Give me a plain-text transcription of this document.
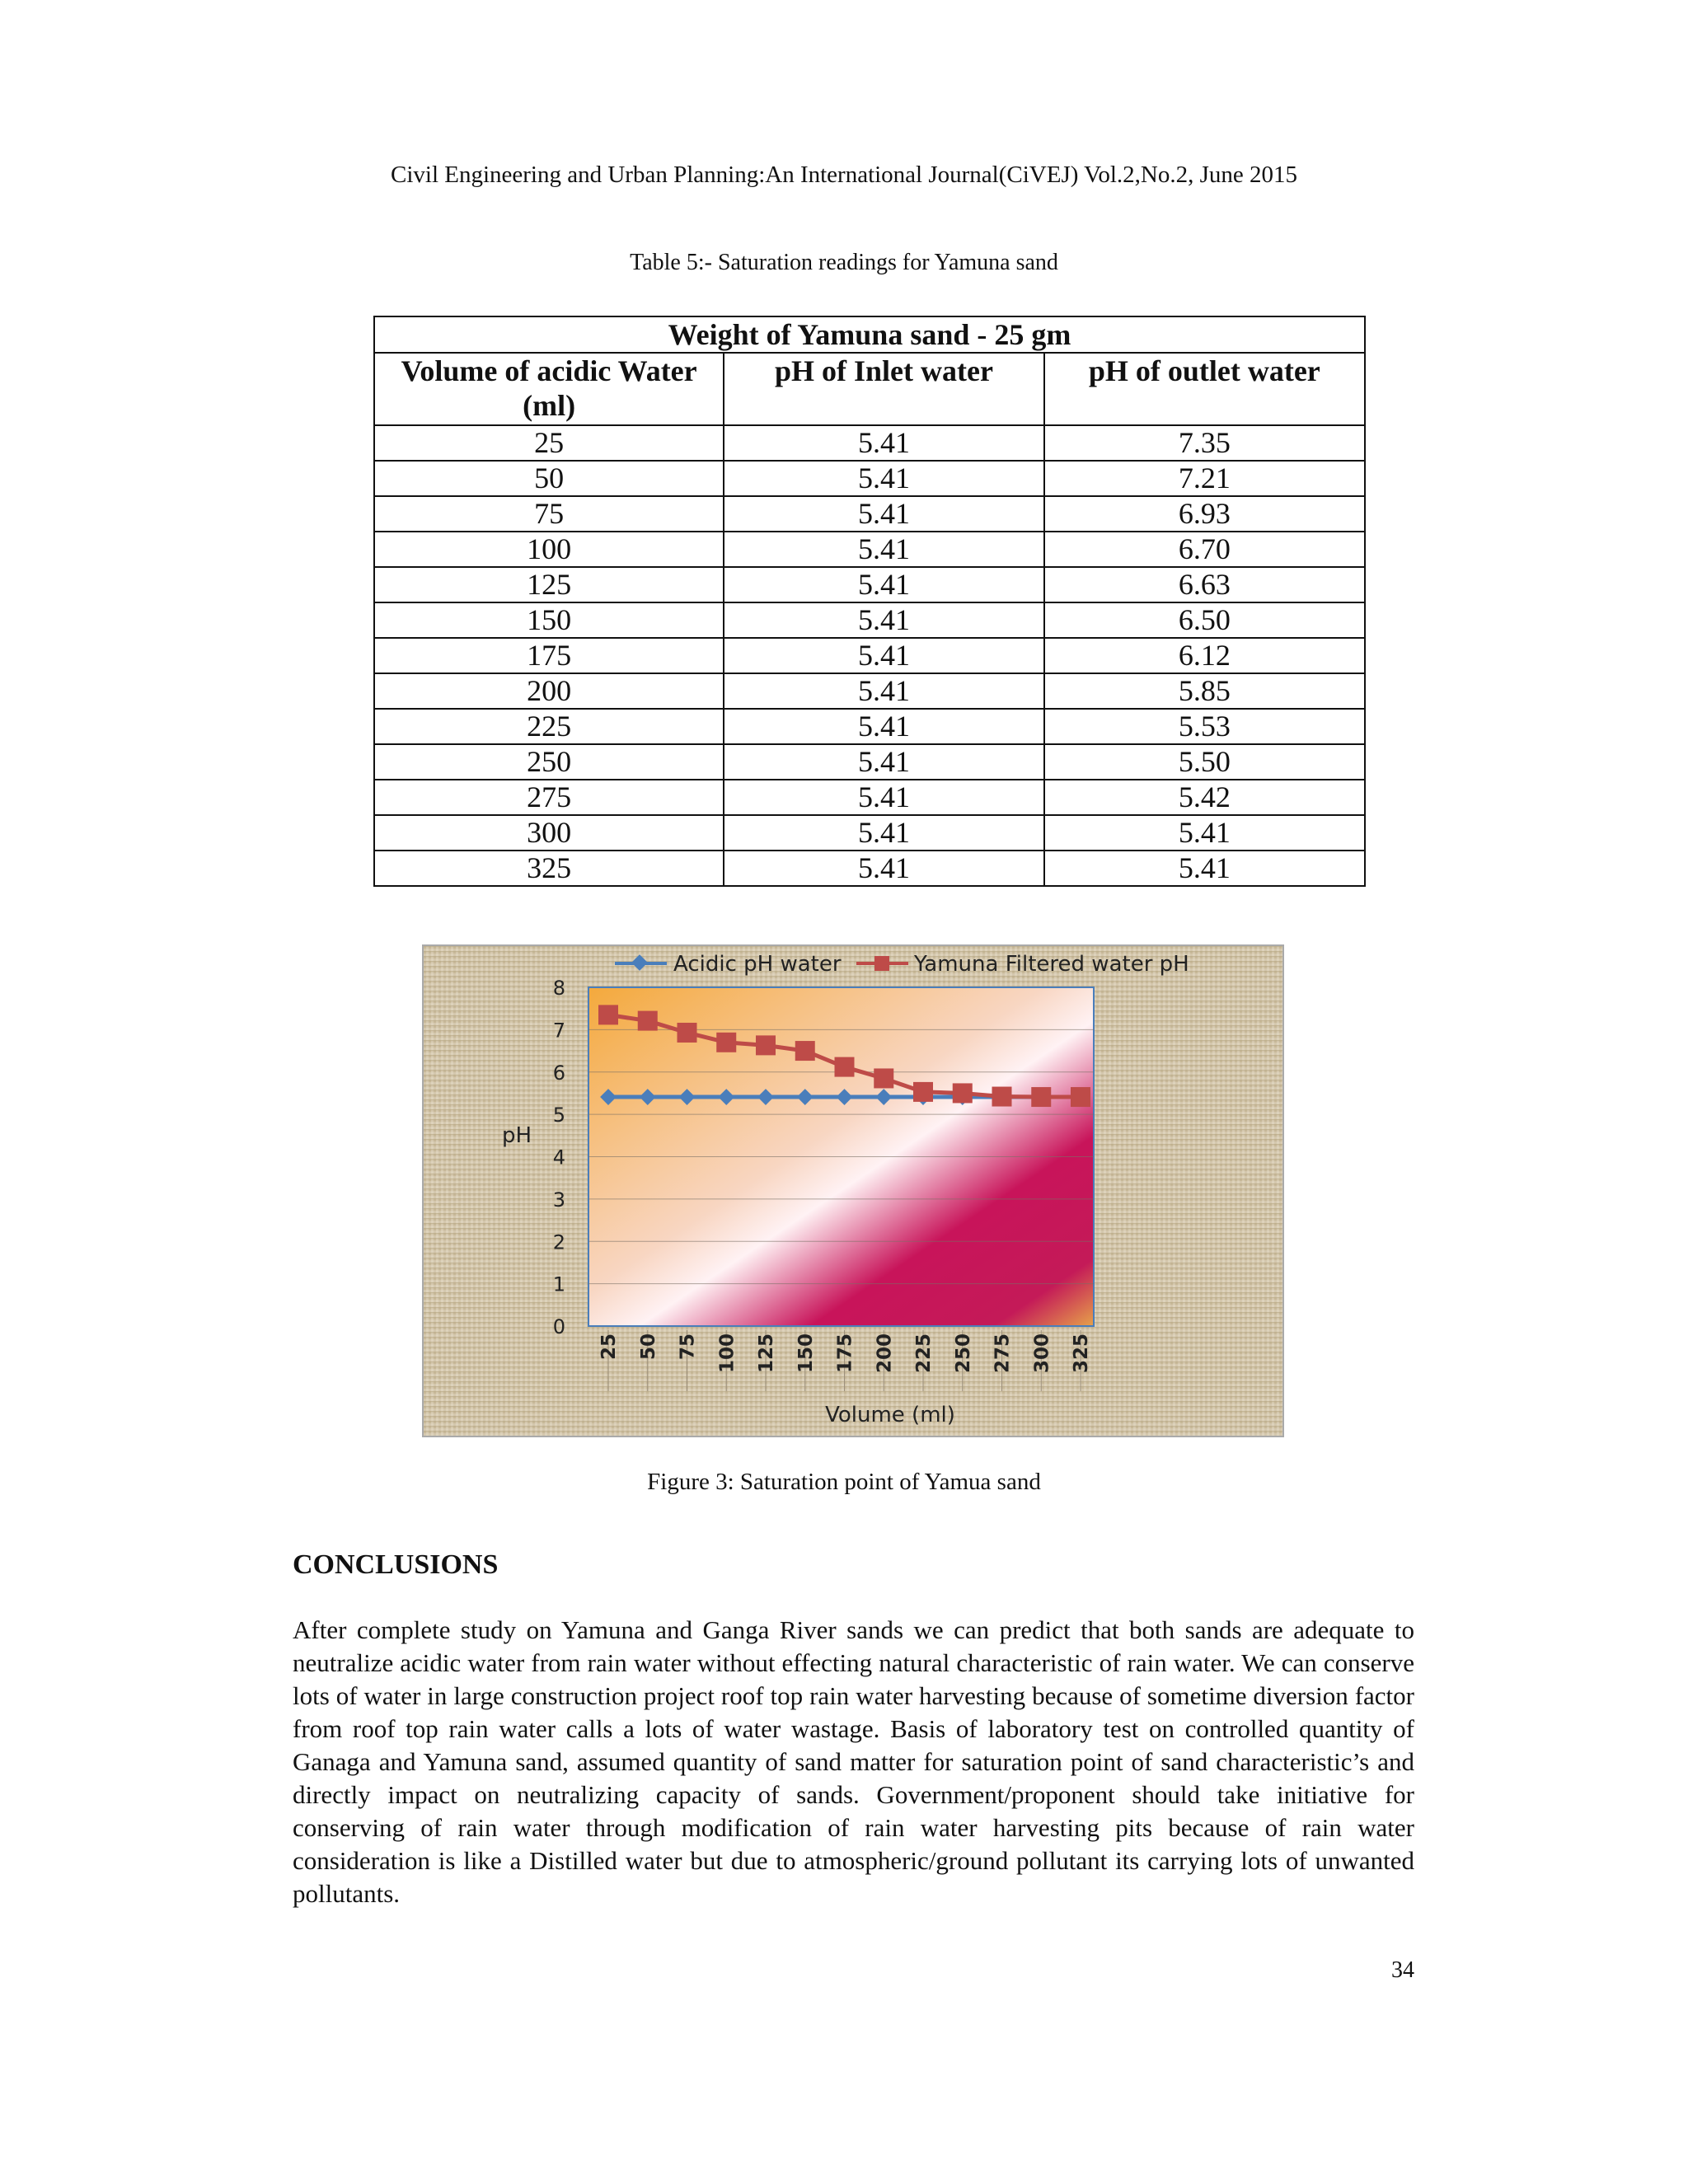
Civil Engineering and Urban Planning:An International Journal(CiVEJ) Vol.2,No.2, June 2015
Table 5:- Saturation readings for Yamuna sand
Weight of Yamuna sand - 25 gm		
Volume of acidic Water (ml)	pH of Inlet water	pH of outlet water
25	5.41	7.35
50	5.41	7.21
75	5.41	6.93
100	5.41	6.70
125	5.41	6.63
150	5.41	6.50
175	5.41	6.12
200	5.41	5.85
225	5.41	5.53
250	5.41	5.50
275	5.41	5.42
300	5.41	5.41
325	5.41	5.41
0
1
2
3
4
5
6
7
8
25 50 75 100 125 150 175 200 225 250 275 300 325
pH
Volume (ml)
Acidic pH water	Yamuna Filtered water pH
Figure 3: Saturation point of Yamua sand
CONCLUSIONS
After complete study on Yamuna and Ganga River sands we can predict that both sands are adequate to neutralize acidic water from rain water without effecting natural characteristic of rain water. We can conserve lots of water in large construction project roof top rain water harvesting because of sometime diversion factor from roof top rain water calls a lots of water wastage. Basis of laboratory test on controlled quantity of Ganaga and Yamuna sand, assumed quantity of sand matter for saturation point of sand characteristic’s and directly impact on neutralizing capacity of sands. Government/proponent should take initiative for conserving of rain water through modification of rain water harvesting pits because of rain water consideration is like a Distilled water but due to atmospheric/ground pollutant its carrying lots of unwanted pollutants.
34
